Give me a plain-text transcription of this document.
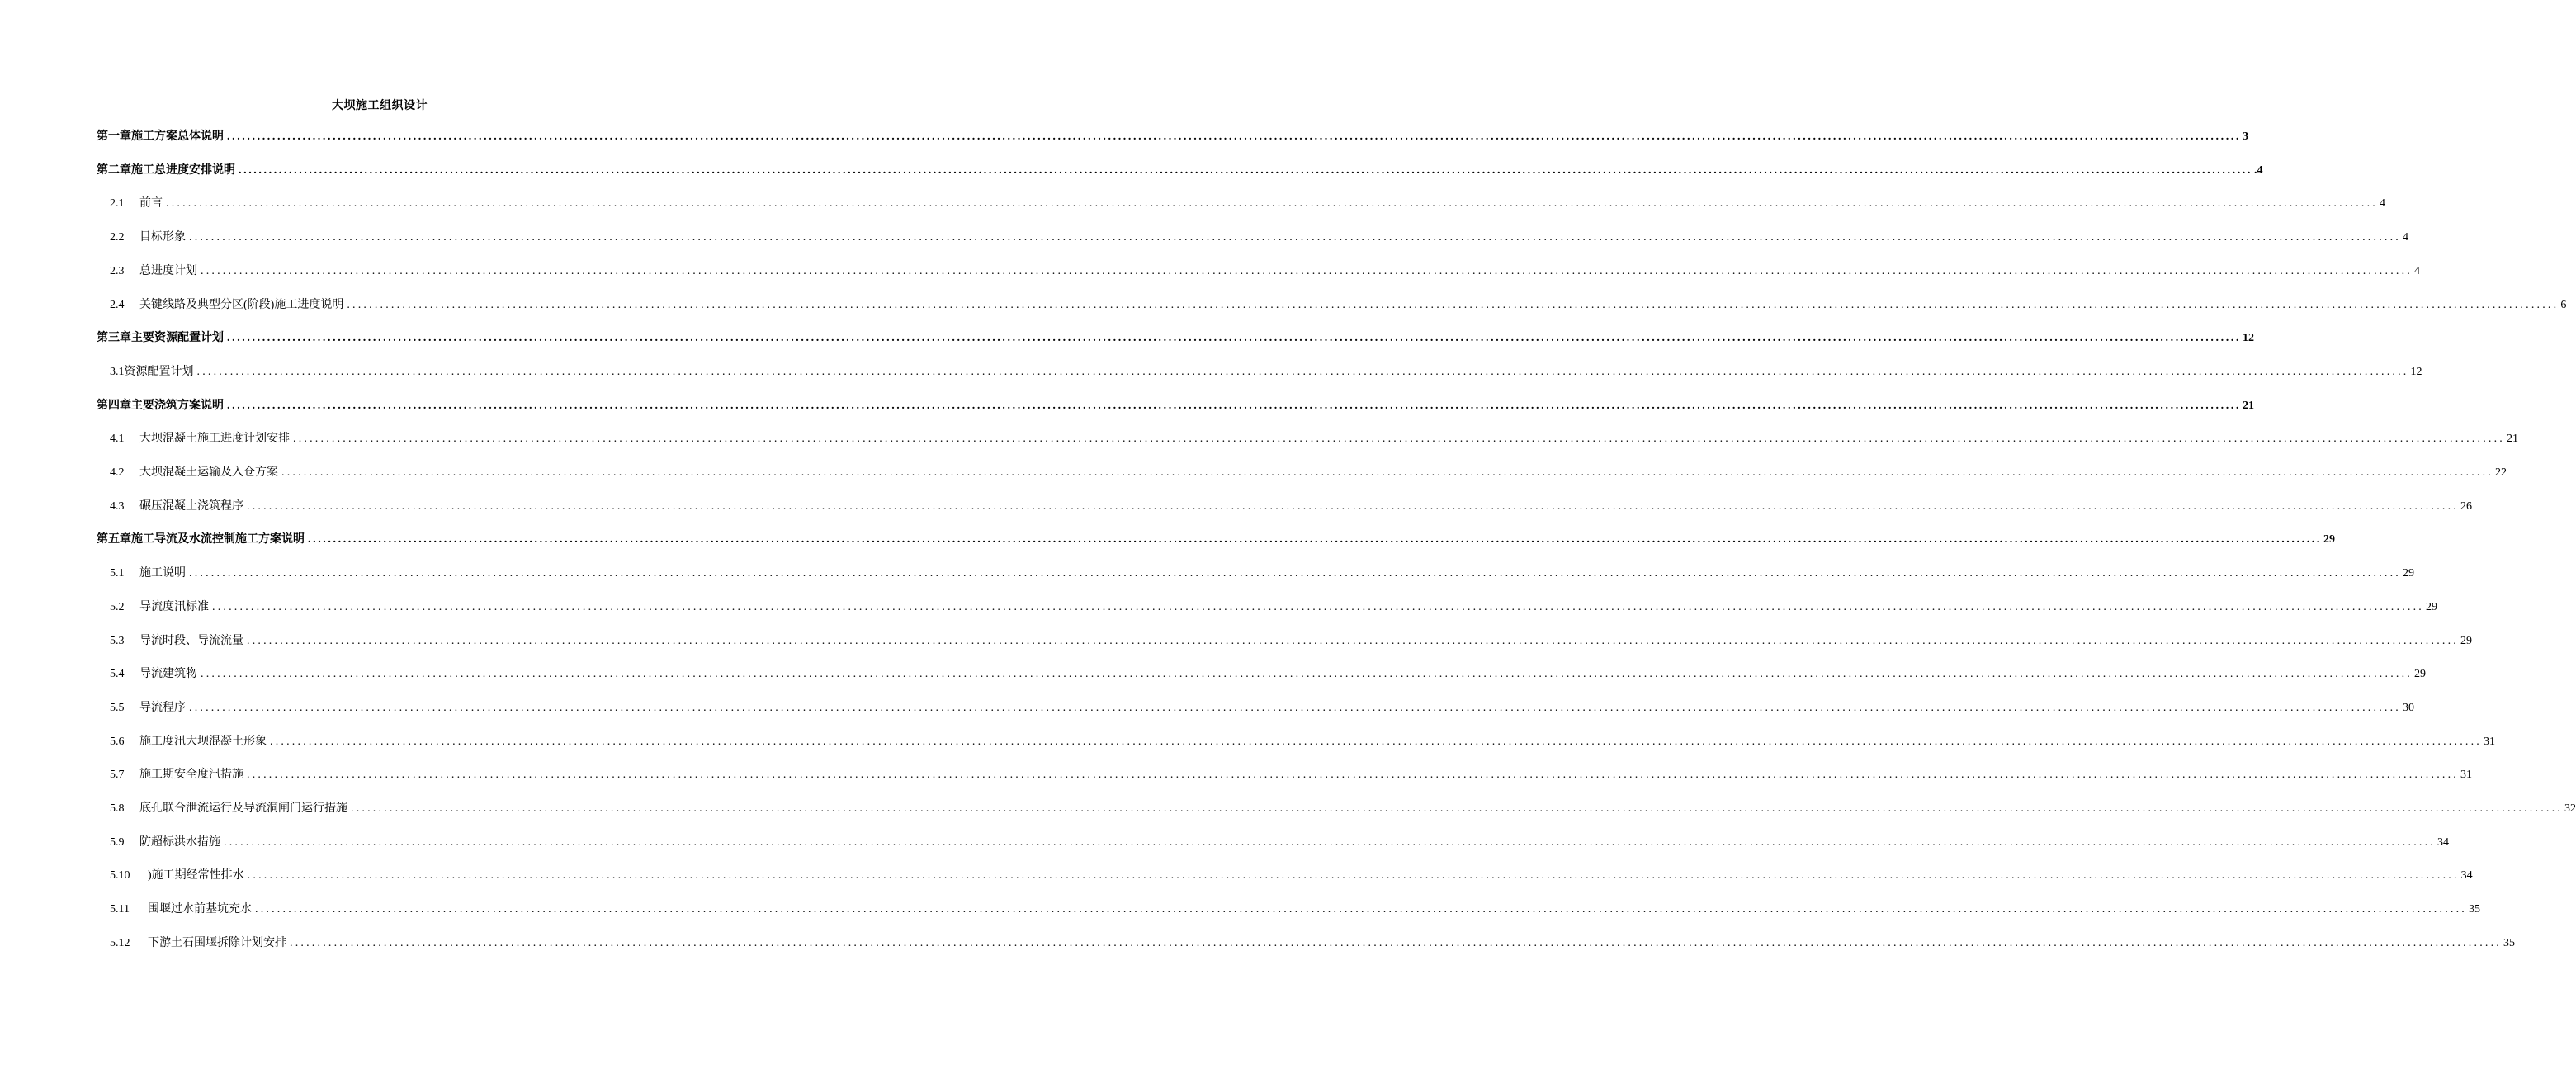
大坝施工组织设计
第一章施工方案总体说明 ................................................................................................................................................................................................................................................................................................................................................................................................................ 3
第二章施工总进度安排说明 ................................................................................................................................................................................................................................................................................................................................................................................................................ .4
2.1	前言 ................................................................................................................................................................................................................................................................................................................................................................................................................ 4
2.2	目标形象 ................................................................................................................................................................................................................................................................................................................................................................................................................ 4
2.3	总进度计划 ................................................................................................................................................................................................................................................................................................................................................................................................................ 4
2.4	关键线路及典型分区(阶段)施工进度说明 ................................................................................................................................................................................................................................................................................................................................................................................................................ 6
第三章主要资源配置计划 ................................................................................................................................................................................................................................................................................................................................................................................................................ 12
3.1资源配置计划 ................................................................................................................................................................................................................................................................................................................................................................................................................ 12
第四章主要浇筑方案说明 ................................................................................................................................................................................................................................................................................................................................................................................................................ 21
4.1	大坝混凝土施工进度计划安排 ................................................................................................................................................................................................................................................................................................................................................................................................................ 21
4.2	大坝混凝土运输及入仓方案 ................................................................................................................................................................................................................................................................................................................................................................................................................ 22
4.3	碾压混凝土浇筑程序 ................................................................................................................................................................................................................................................................................................................................................................................................................ 26
第五章施工导流及水流控制施工方案说明 ................................................................................................................................................................................................................................................................................................................................................................................................................ 29
5.1	施工说明 ................................................................................................................................................................................................................................................................................................................................................................................................................ 29
5.2	导流度汛标准 ................................................................................................................................................................................................................................................................................................................................................................................................................ 29
5.3	导流时段、导流流量 ................................................................................................................................................................................................................................................................................................................................................................................................................ 29
5.4	导流建筑物 ................................................................................................................................................................................................................................................................................................................................................................................................................ 29
5.5	导流程序 ................................................................................................................................................................................................................................................................................................................................................................................................................ 30
5.6	施工度汛大坝混凝土形象 ................................................................................................................................................................................................................................................................................................................................................................................................................ 31
5.7	施工期安全度汛措施 ................................................................................................................................................................................................................................................................................................................................................................................................................ 31
5.8	底孔联合泄流运行及导流洞闸门运行措施 ................................................................................................................................................................................................................................................................................................................................................................................................................ 32
5.9	防超标洪水措施 ................................................................................................................................................................................................................................................................................................................................................................................................................ 34
5.10	)施工期经常性排水 ................................................................................................................................................................................................................................................................................................................................................................................................................ 34
5.11	围堰过水前基坑充水 ................................................................................................................................................................................................................................................................................................................................................................................................................ 35
5.12	下游土石围堰拆除计划安排 ................................................................................................................................................................................................................................................................................................................................................................................................................ 35
